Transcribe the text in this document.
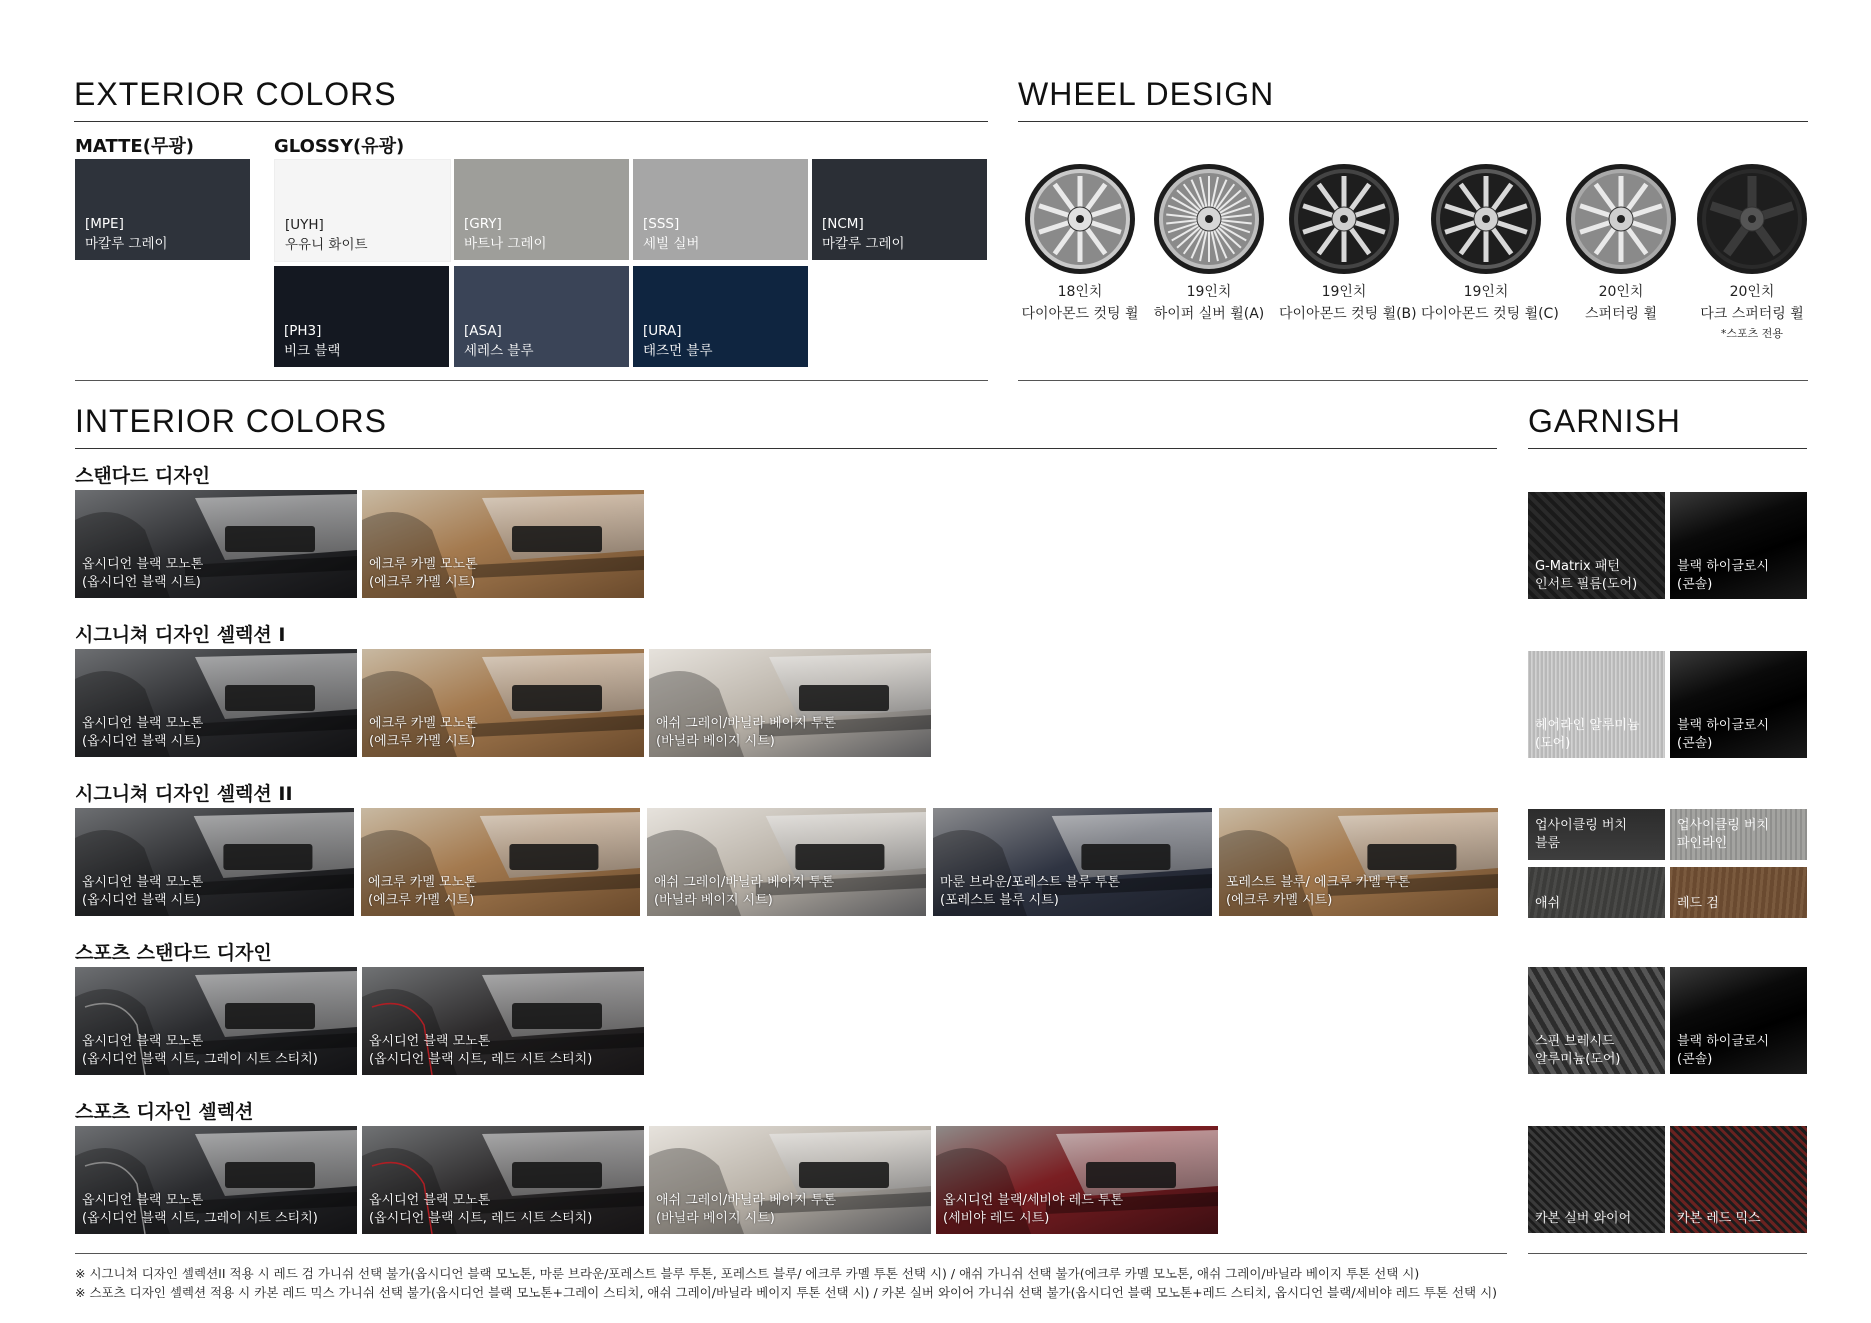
EXTERIOR COLORS
MATTE(무광)	GLOSSY(유광)
[MPE]
마칼루 그레이
[UYH]
우유니 화이트
[GRY]
바트나 그레이
[SSS]
세빌 실버
[NCM]
마칼루 그레이
[PH3]
비크 블랙
[ASA]
세레스 블루
[URA]
태즈먼 블루
WHEEL DESIGN
18인치
다이아몬드 컷팅 휠
19인치
하이퍼 실버 휠(A)
19인치
다이아몬드 컷팅 휠(B)
19인치
다이아몬드 컷팅 휠(C)
20인치
스퍼터링 휠
20인치
다크 스퍼터링 휠
*스포츠 전용
INTERIOR COLORS
스탠다드 디자인
옵시디언 블랙 모노톤
(옵시디언 블랙 시트)
에크루 카멜 모노톤
(에크루 카멜 시트)
시그니쳐 디자인 셀렉션 I
옵시디언 블랙 모노톤
(옵시디언 블랙 시트)
에크루 카멜 모노톤
(에크루 카멜 시트)
애쉬 그레이/바닐라 베이지 투톤
(바닐라 베이지 시트)
시그니쳐 디자인 셀렉션 II
옵시디언 블랙 모노톤
(옵시디언 블랙 시트)
에크루 카멜 모노톤
(에크루 카멜 시트)
애쉬 그레이/바닐라 베이지 투톤
(바닐라 베이지 시트)
마룬 브라운/포레스트 블루 투톤
(포레스트 블루 시트)
포레스트 블루/ 에크루 카멜 투톤
(에크루 카멜 시트)
스포츠 스탠다드 디자인
옵시디언 블랙 모노톤
(옵시디언 블랙 시트, 그레이 시트 스티치)
옵시디언 블랙 모노톤
(옵시디언 블랙 시트, 레드 시트 스티치)
스포츠 디자인 셀렉션
옵시디언 블랙 모노톤
(옵시디언 블랙 시트, 그레이 시트 스티치)
옵시디언 블랙 모노톤
(옵시디언 블랙 시트, 레드 시트 스티치)
애쉬 그레이/바닐라 베이지 투톤
(바닐라 베이지 시트)
옵시디언 블랙/세비야 레드 투톤
(세비야 레드 시트)
GARNISH
G-Matrix 패턴
인서트 필름(도어)
블랙 하이글로시
(콘솔)
헤어라인 알루미늄
(도어)
블랙 하이글로시
(콘솔)
업사이클링 버치
블룸
업사이클링 버치
파인라인
애쉬	레드 검
스핀 브레시드
알루미늄(도어)
블랙 하이글로시
(콘솔)
카본 실버 와이어	카본 레드 믹스
※ 시그니쳐 디자인 셀렉션II 적용 시 레드 검 가니쉬 선택 불가(옵시디언 블랙 모노톤, 마룬 브라운/포레스트 블루 투톤, 포레스트 블루/ 에크루 카멜 투톤 선택 시) / 애쉬 가니쉬 선택 불가(에크루 카멜 모노톤, 애쉬 그레이/바닐라 베이지 투톤 선택 시)
※ 스포츠 디자인 셀렉션 적용 시 카본 레드 믹스 가니쉬 선택 불가(옵시디언 블랙 모노톤+그레이 스티치, 애쉬 그레이/바닐라 베이지 투톤 선택 시) / 카본 실버 와이어 가니쉬 선택 불가(옵시디언 블랙 모노톤+레드 스티치, 옵시디언 블랙/세비야 레드 투톤 선택 시)
